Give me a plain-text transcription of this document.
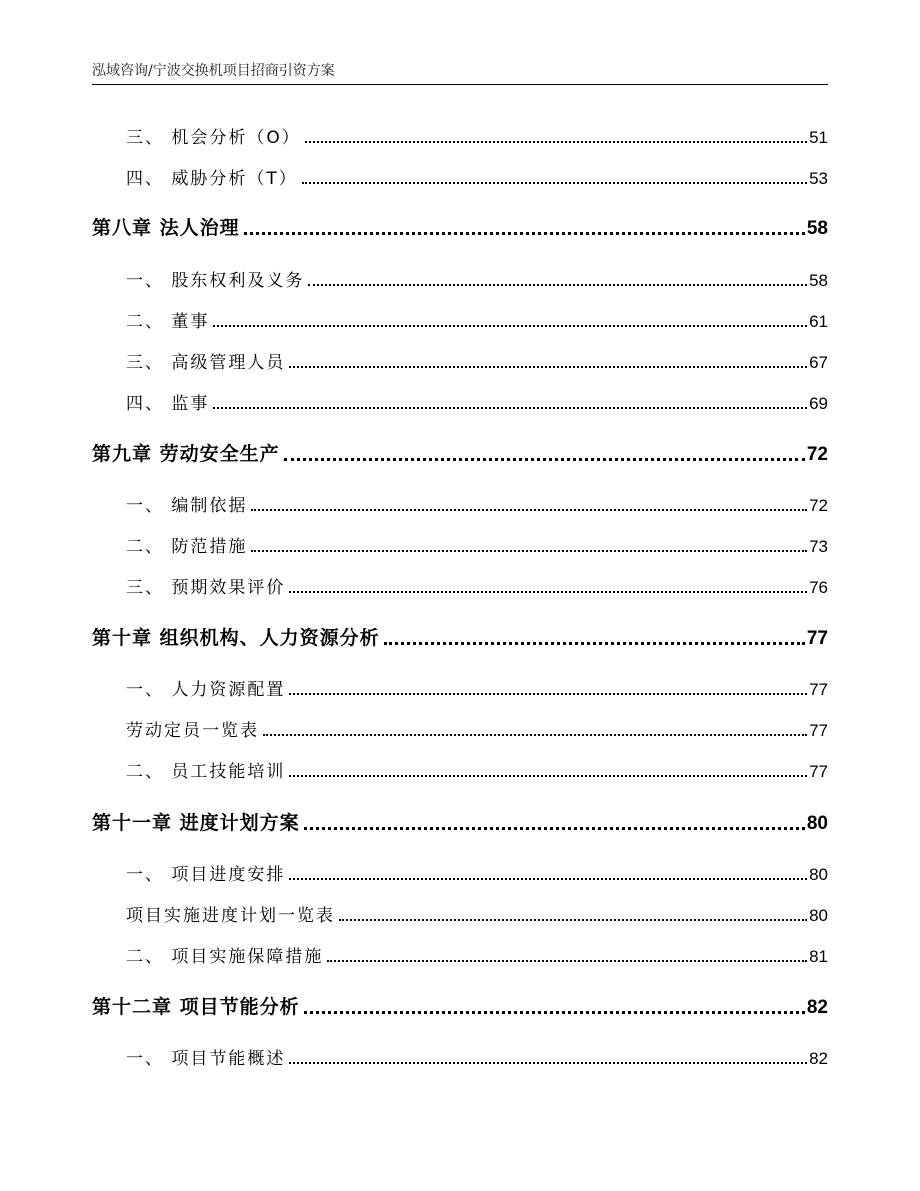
泓域咨询/宁波交换机项目招商引资方案
三、 机会分析（O）	51
四、 威胁分析（T）	53
第八章 法人治理	58
一、 股东权利及义务	58
二、 董事	61
三、 高级管理人员	67
四、 监事	69
第九章 劳动安全生产	72
一、 编制依据	72
二、 防范措施	73
三、 预期效果评价	76
第十章 组织机构、人力资源分析	77
一、 人力资源配置	77
劳动定员一览表	77
二、 员工技能培训	77
第十一章 进度计划方案	80
一、 项目进度安排	80
项目实施进度计划一览表	80
二、 项目实施保障措施	81
第十二章 项目节能分析	82
一、 项目节能概述	82
